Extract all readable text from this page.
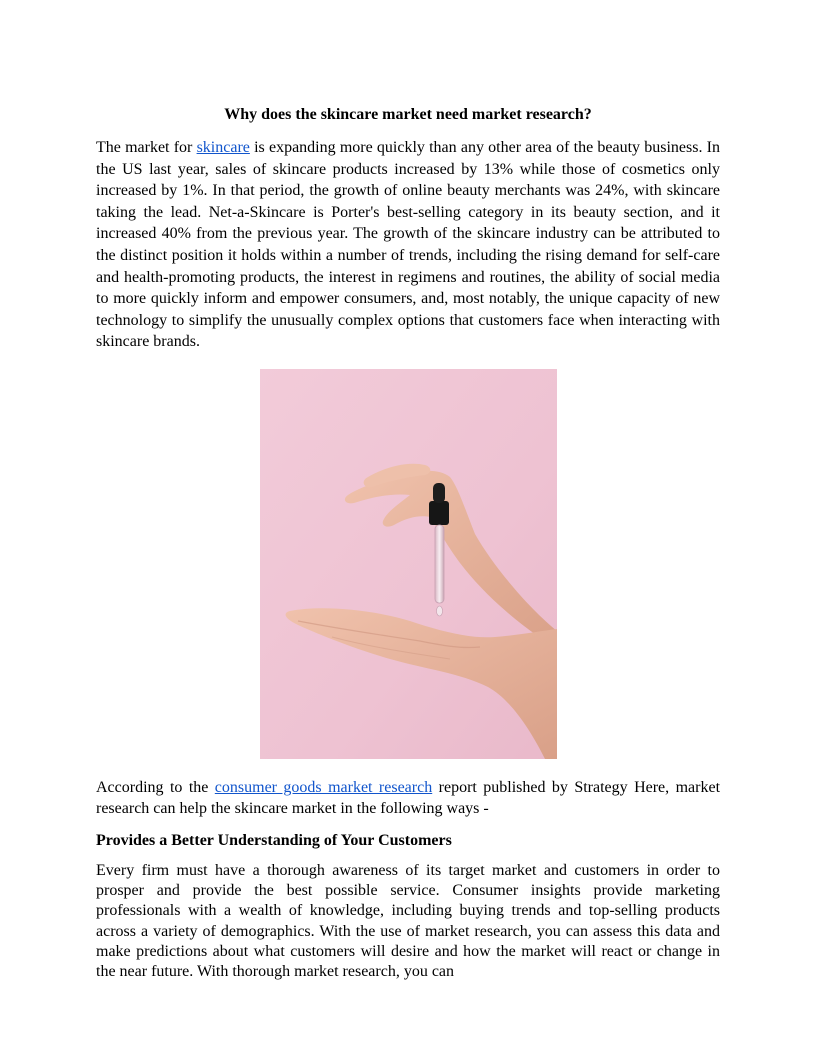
Why does the skincare market need market research?

The market for skincare is expanding more quickly than any other area of the beauty business. In the US last year, sales of skincare products increased by 13% while those of cosmetics only increased by 1%. In that period, the growth of online beauty merchants was 24%, with skincare taking the lead. Net-a-Skincare is Porter's best-selling category in its beauty section, and it increased 40% from the previous year. The growth of the skincare industry can be attributed to the distinct position it holds within a number of trends, including the rising demand for self-care and health-promoting products, the interest in regimens and routines, the ability of social media to more quickly inform and empower consumers, and, most notably, the unique capacity of new technology to simplify the unusually complex options that customers face when interacting with skincare brands.

According to the consumer goods market research report published by Strategy Here, market research can help the skincare market in the following ways -

Provides a Better Understanding of Your Customers

Every firm must have a thorough awareness of its target market and customers in order to prosper and provide the best possible service. Consumer insights provide marketing professionals with a wealth of knowledge, including buying trends and top-selling products across a variety of demographics. With the use of market research, you can assess this data and make predictions about what customers will desire and how the market will react or change in the near future. With thorough market research, you can
